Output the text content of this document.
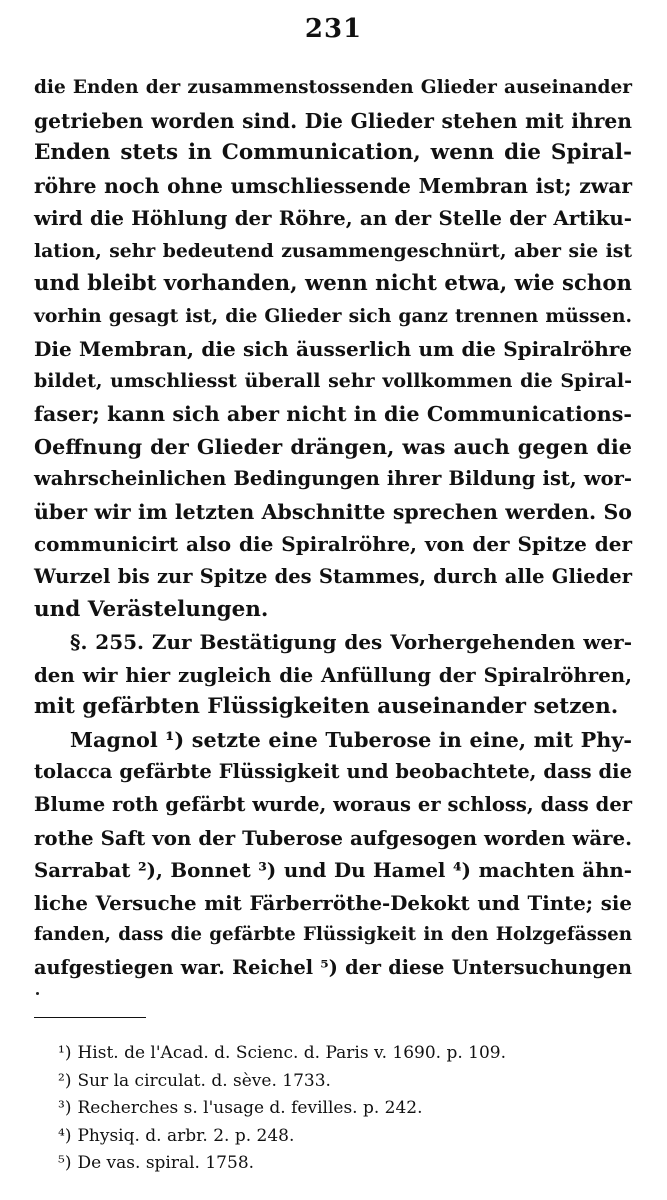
231
die Enden der zusammenstossenden Glieder auseinander
getrieben worden sind. Die Glieder stehen mit ihren
Enden stets in Communication, wenn die Spiral-
röhre noch ohne umschliessende Membran ist; zwar
wird die Höhlung der Röhre, an der Stelle der Artiku-
lation, sehr bedeutend zusammengeschnürt, aber sie ist
und bleibt vorhanden, wenn nicht etwa, wie schon
vorhin gesagt ist, die Glieder sich ganz trennen müssen.
Die Membran, die sich äusserlich um die Spiralröhre
bildet, umschliesst überall sehr vollkommen die Spiral-
faser; kann sich aber nicht in die Communications-
Oeffnung der Glieder drängen, was auch gegen die
wahrscheinlichen Bedingungen ihrer Bildung ist, wor-
über wir im letzten Abschnitte sprechen werden. So
communicirt also die Spiralröhre, von der Spitze der
Wurzel bis zur Spitze des Stammes, durch alle Glieder
und Verästelungen.
§. 255. Zur Bestätigung des Vorhergehenden wer-
den wir hier zugleich die Anfüllung der Spiralröhren,
mit gefärbten Flüssigkeiten auseinander setzen.
Magnol ¹) setzte eine Tuberose in eine, mit Phy-
tolacca gefärbte Flüssigkeit und beobachtete, dass die
Blume roth gefärbt wurde, woraus er schloss, dass der
rothe Saft von der Tuberose aufgesogen worden wäre.
Sarrabat ²), Bonnet ³) und Du Hamel ⁴) machten ähn-
liche Versuche mit Färberröthe-Dekokt und Tinte; sie
fanden, dass die gefärbte Flüssigkeit in den Holzgefässen
aufgestiegen war. Reichel ⁵) der diese Untersuchungen
¹) Hist. de l'Acad. d. Scienc. d. Paris v. 1690. p. 109.
²) Sur la circulat. d. sève. 1733.
³) Recherches s. l'usage d. fevilles. p. 242.
⁴) Physiq. d. arbr. 2. p. 248.
⁵) De vas. spiral. 1758.
